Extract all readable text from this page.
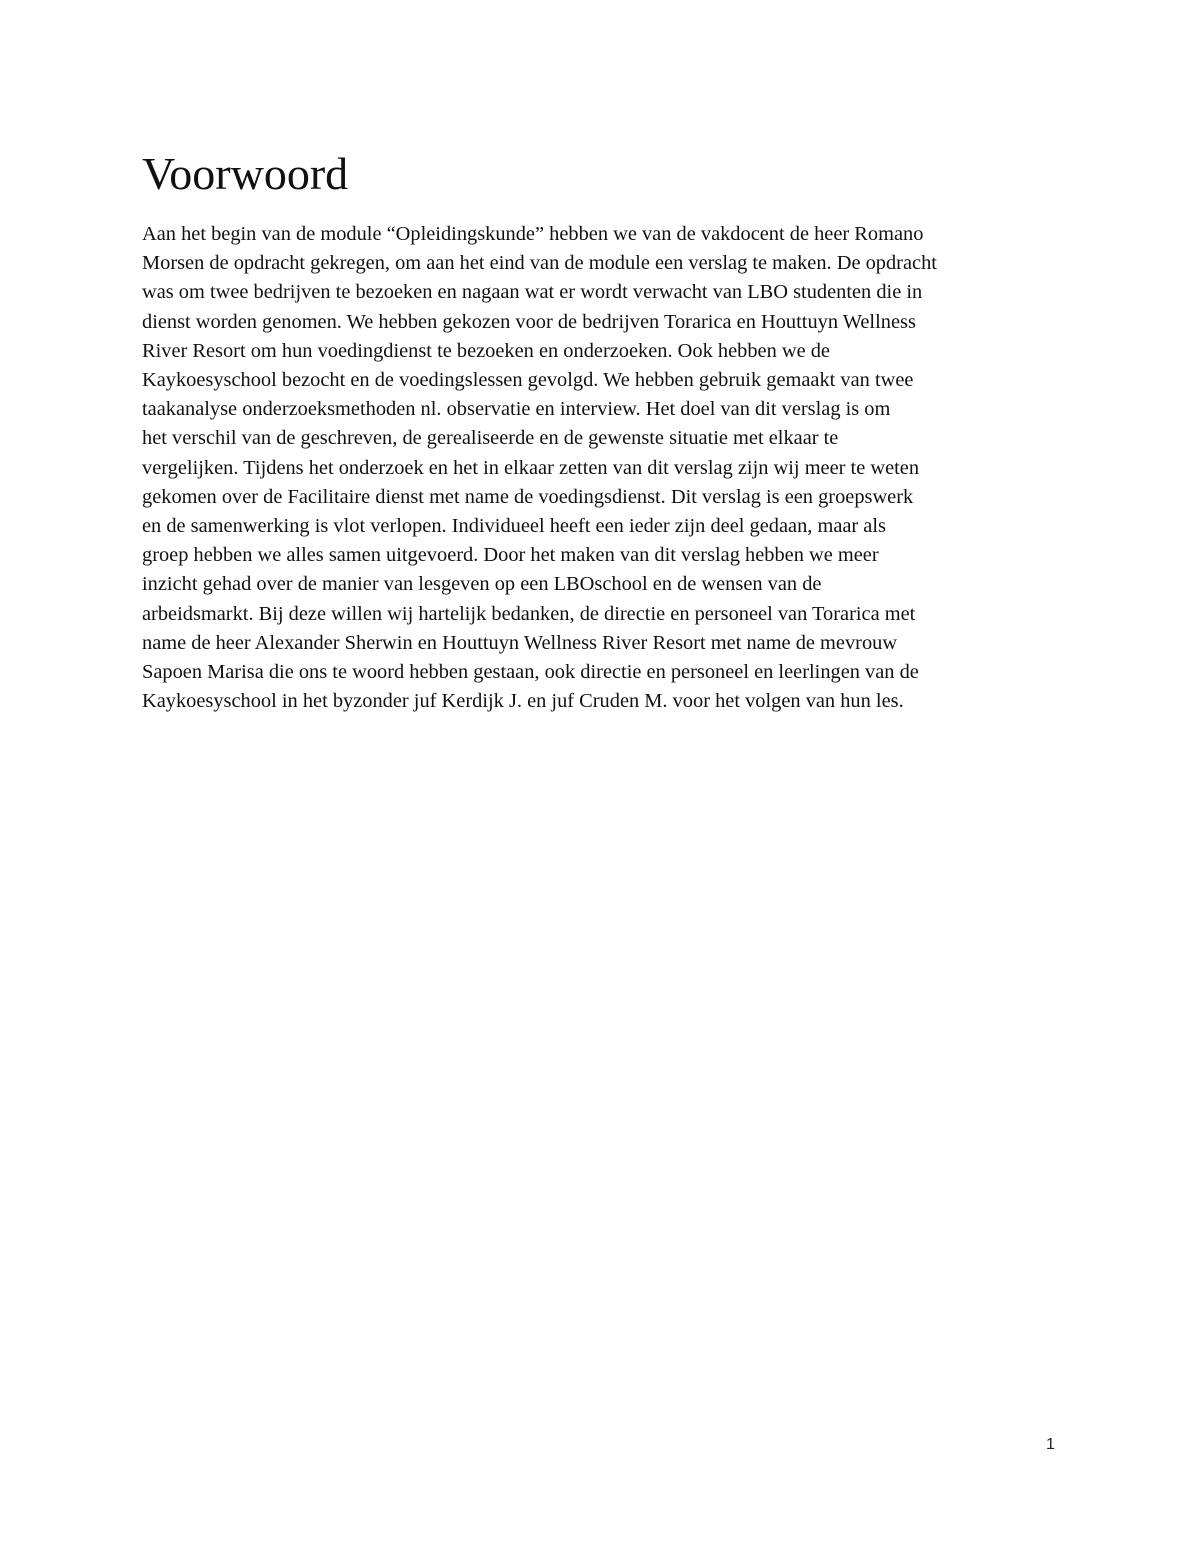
Voorwoord

Aan het begin van de module “Opleidingskunde” hebben we van de vakdocent de heer Romano
Morsen de opdracht gekregen, om aan het eind van de module een verslag te maken. De opdracht
was om twee bedrijven te bezoeken en nagaan wat er wordt verwacht van LBO studenten die in
dienst worden genomen. We hebben gekozen voor de bedrijven Torarica en Houttuyn Wellness
River Resort om hun voedingdienst te bezoeken en onderzoeken. Ook hebben we de
Kaykoesyschool bezocht en de voedingslessen gevolgd. We hebben gebruik gemaakt van twee
taakanalyse onderzoeksmethoden nl. observatie en interview. Het doel van dit verslag is om
het verschil van de geschreven, de gerealiseerde en de gewenste situatie met elkaar te
vergelijken. Tijdens het onderzoek en het in elkaar zetten van dit verslag zijn wij meer te weten
gekomen over de Facilitaire dienst met name de voedingsdienst. Dit verslag is een groepswerk
en de samenwerking is vlot verlopen. Individueel heeft een ieder zijn deel gedaan, maar als
groep hebben we alles samen uitgevoerd. Door het maken van dit verslag hebben we meer
inzicht gehad over de manier van lesgeven op een LBOschool en de wensen van de
arbeidsmarkt. Bij deze willen wij hartelijk bedanken, de directie en personeel van Torarica met
name de heer Alexander Sherwin en Houttuyn Wellness River Resort met name de mevrouw
Sapoen Marisa die ons te woord hebben gestaan, ook directie en personeel en leerlingen van de
Kaykoesyschool in het byzonder juf Kerdijk J. en juf Cruden M. voor het volgen van hun les.

1
